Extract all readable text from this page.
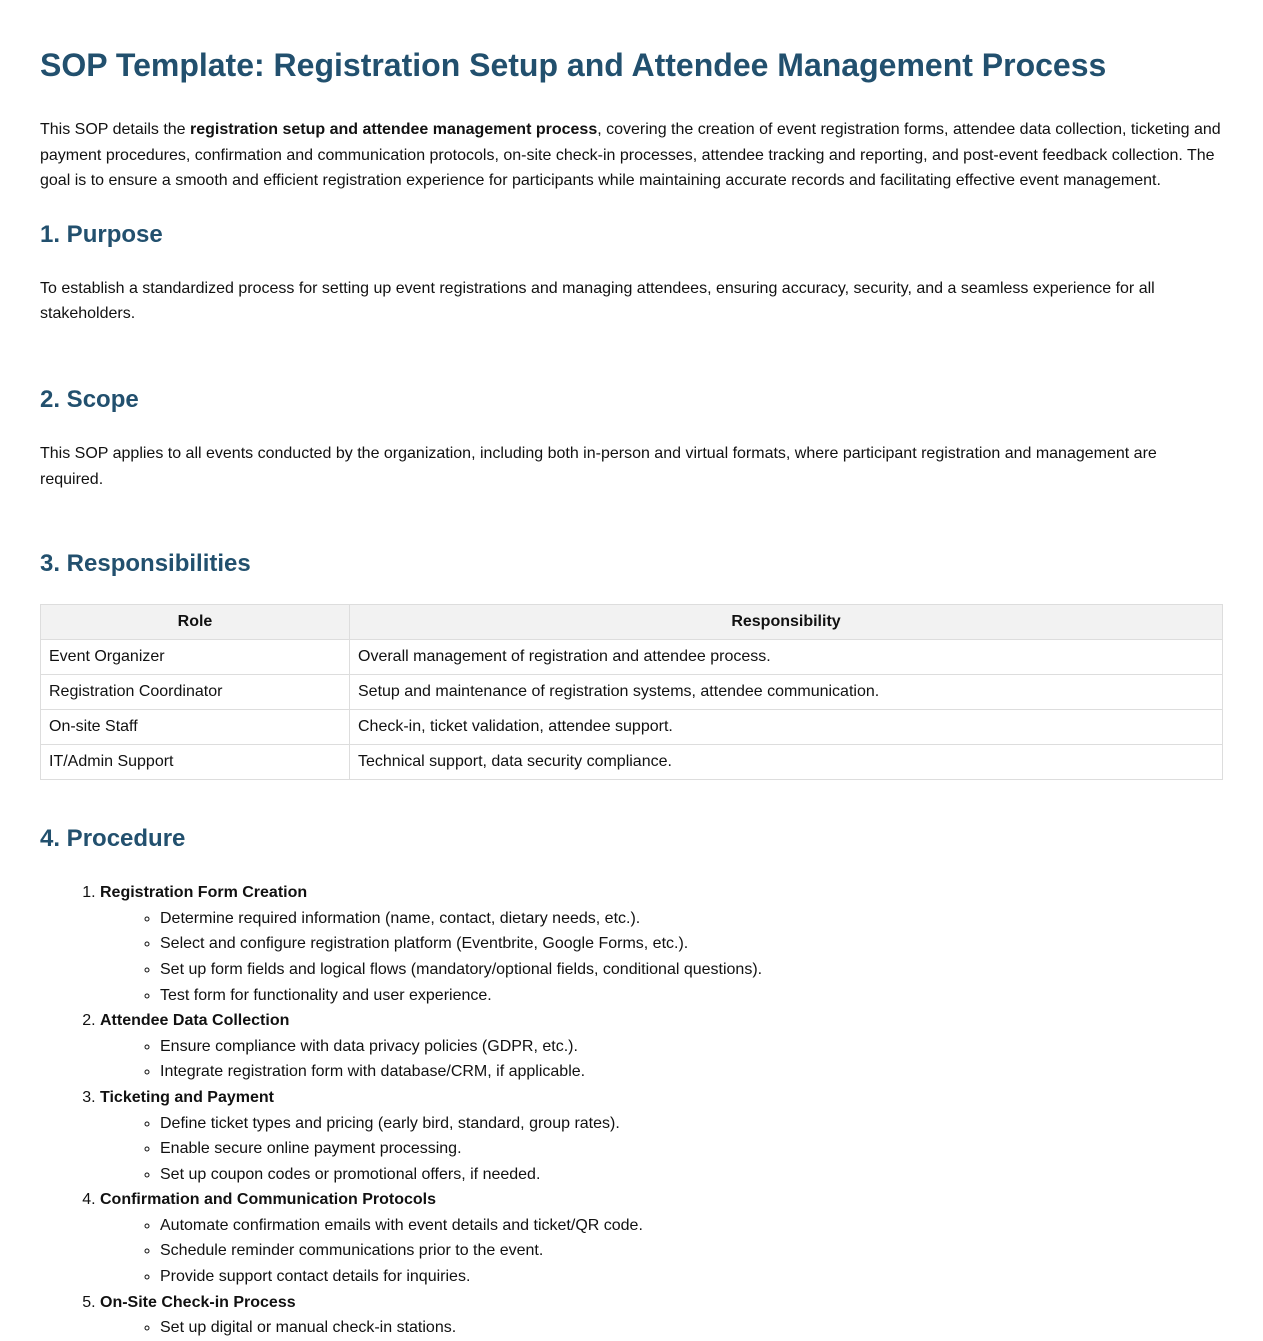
SOP Template: Registration Setup and Attendee Management Process

This SOP details the registration setup and attendee management process, covering the creation of event registration forms, attendee data collection, ticketing and payment procedures, confirmation and communication protocols, on-site check-in processes, attendee tracking and reporting, and post-event feedback collection. The goal is to ensure a smooth and efficient registration experience for participants while maintaining accurate records and facilitating effective event management.

1. Purpose

To establish a standardized process for setting up event registrations and managing attendees, ensuring accuracy, security, and a seamless experience for all stakeholders.

2. Scope

This SOP applies to all events conducted by the organization, including both in-person and virtual formats, where participant registration and management are required.

3. Responsibilities
Role	Responsibility
Event Organizer	Overall management of registration and attendee process.
Registration Coordinator	Setup and maintenance of registration systems, attendee communication.
On-site Staff	Check-in, ticket validation, attendee support.
IT/Admin Support	Technical support, data security compliance.
4. Procedure
1. Registration Form Creation
◦ Determine required information (name, contact, dietary needs, etc.).
◦ Select and configure registration platform (Eventbrite, Google Forms, etc.).
◦ Set up form fields and logical flows (mandatory/optional fields, conditional questions).
◦ Test form for functionality and user experience.
2. Attendee Data Collection
◦ Ensure compliance with data privacy policies (GDPR, etc.).
◦ Integrate registration form with database/CRM, if applicable.
3. Ticketing and Payment
◦ Define ticket types and pricing (early bird, standard, group rates).
◦ Enable secure online payment processing.
◦ Set up coupon codes or promotional offers, if needed.
4. Confirmation and Communication Protocols
◦ Automate confirmation emails with event details and ticket/QR code.
◦ Schedule reminder communications prior to the event.
◦ Provide support contact details for inquiries.
5. On-Site Check-in Process
◦ Set up digital or manual check-in stations.
